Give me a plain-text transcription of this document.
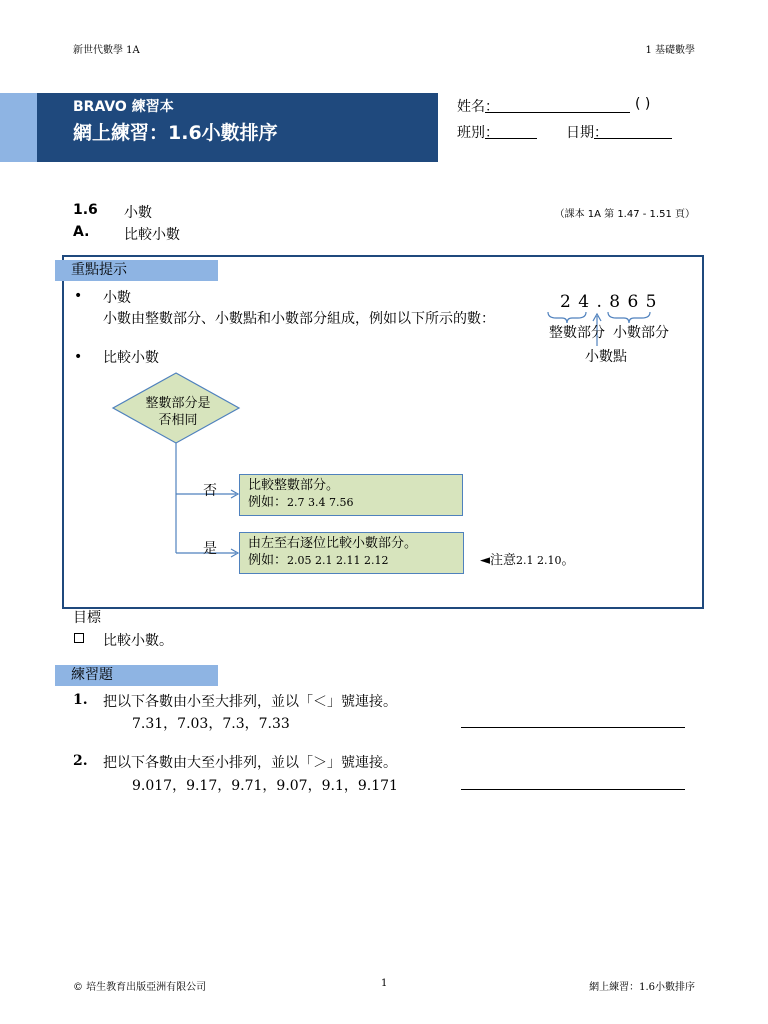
新世代數學 1A	1 基礎數學
BRAVO 練習本
網上練習：1.6小數排序
姓名：	( )
班別：	日期：
1.6 小數	（課本 1A 第 1.47 - 1.51 頁）
A. 比較小數
重點提示
• 小數
小數由整數部分、小數點和小數部分組成，例如以下所示的數：
2 4 . 8 6 5
整數部分 小數部分
小數點
• 比較小數
整數部分是否相同
否
是
比較整數部分。
例如：2.7 3.4 7.56
由左至右逐位比較小數部分。
例如：2.05 2.1 2.11 2.12	◄注意2.1 2.10。
目標
比較小數。
練習題
1. 把以下各數由小至大排列，並以「＜」號連接。
7.31，7.03，7.3，7.33
2. 把以下各數由大至小排列，並以「＞」號連接。
9.017，9.17，9.71，9.07，9.1，9.171
© 培生教育出版亞洲有限公司	1	網上練習：1.6小數排序
